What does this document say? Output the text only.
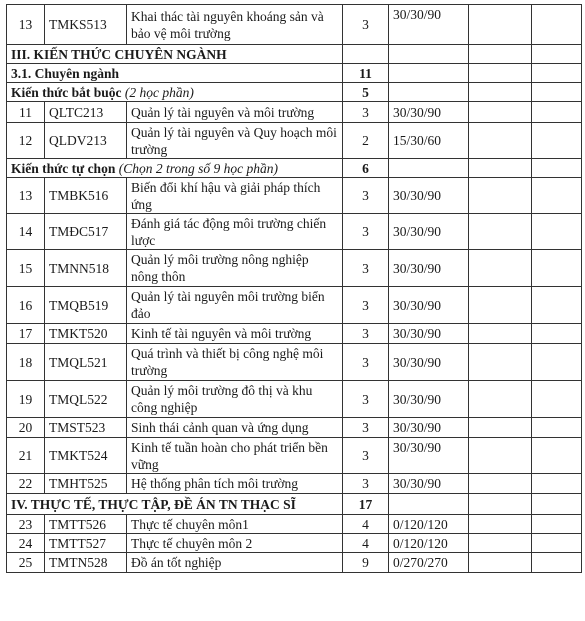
13	TMKS513	Khai thác tài nguyên khoáng sản và bảo vệ môi trường	3	30/30/90		
III. KIẾN THỨC CHUYÊN NGÀNH						
3.1. Chuyên ngành			11			
Kiến thức bắt buộc (2 học phần)			5			
11	QLTC213	Quản lý tài nguyên và môi trường	3	30/30/90		
12	QLDV213	Quản lý tài nguyên và Quy hoạch môi trường	2	15/30/60		
Kiến thức tự chọn (Chọn 2 trong số 9 học phần)			6			
13	TMBK516	Biến đổi khí hậu và giải pháp thích ứng	3	30/30/90		
14	TMĐC517	Đánh giá tác động môi trường chiến lược	3	30/30/90		
15	TMNN518	Quản lý môi trường nông nghiệp nông thôn	3	30/30/90		
16	TMQB519	Quản lý tài nguyên môi trường biển đảo	3	30/30/90		
17	TMKT520	Kinh tế tài nguyên và môi trường	3	30/30/90		
18	TMQL521	Quá trình và thiết bị công nghệ môi trường	3	30/30/90		
19	TMQL522	Quản lý môi trường đô thị và khu công nghiệp	3	30/30/90		
20	TMST523	Sinh thái cảnh quan và ứng dụng	3	30/30/90		
21	TMKT524	Kinh tế tuần hoàn cho phát triển bền vững	3	30/30/90		
22	TMHT525	Hệ thống phân tích môi trường	3	30/30/90		
IV. THỰC TẾ, THỰC TẬP, ĐỀ ÁN TN THẠC SĨ			17			
23	TMTT526	Thực tế chuyên môn1	4	0/120/120		
24	TMTT527	Thực tế chuyên môn 2	4	0/120/120		
25	TMTN528	Đồ án tốt nghiệp	9	0/270/270		
